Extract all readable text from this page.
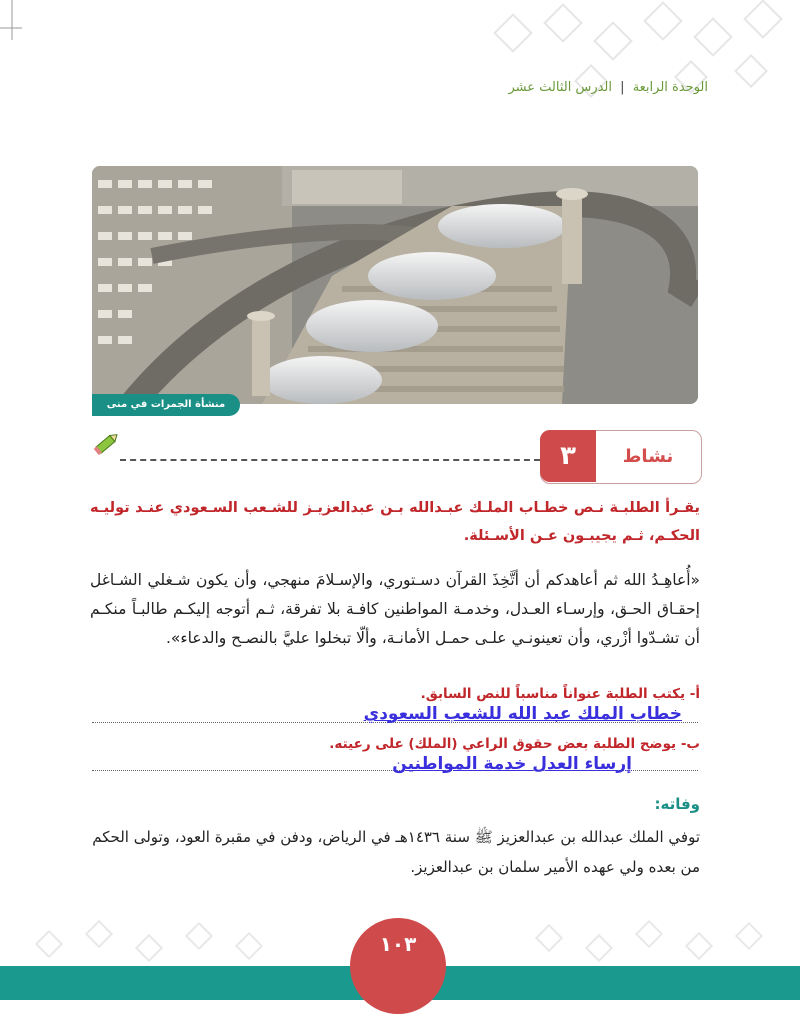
الوحدة الرابعة | الدرس الثالث عشر
منشأة الجمرات في منى
٣	نشاط
يقـرأ الطلبـة نـص خطـاب الملـك عبـدالله بـن عبدالعزيـز للشـعب السـعودي عنـد توليـه الحكـم، ثـم يجيبـون عـن الأسـئلة.
«أُعاهِـدُ الله ثم أعاهدكم أن أتَّخِذَ القرآن دسـتوري، والإسـلامَ منهجي، وأن يكون شـغلي الشـاغل إحقـاق الحـق، وإرسـاء العـدل، وخدمـة المواطنين كافـة بلا تفرقة، ثـم أتوجه إليكـم طالبـاً منكـم أن تشـدّوا أزْري، وأن تعينونـي علـى حمـل الأمانـة، وألّا تبخلوا عليَّ بالنصـح والدعاء».
أ- يكتب الطلبة عنواناً مناسباً للنص السابق.
خطاب الملك عبد الله للشعب السعودي
ب- يوضح الطلبة بعض حقوق الراعي (الملك) على رعيته.
إرساء العدل خدمة المواطنين
وفاته:
توفي الملك عبدالله بن عبدالعزيز ﷺ سنة ١٤٣٦هـ في الرياض، ودفن في مقبرة العود، وتولى الحكم من بعده ولي عهده الأمير سلمان بن عبدالعزيز.
١٠٣
